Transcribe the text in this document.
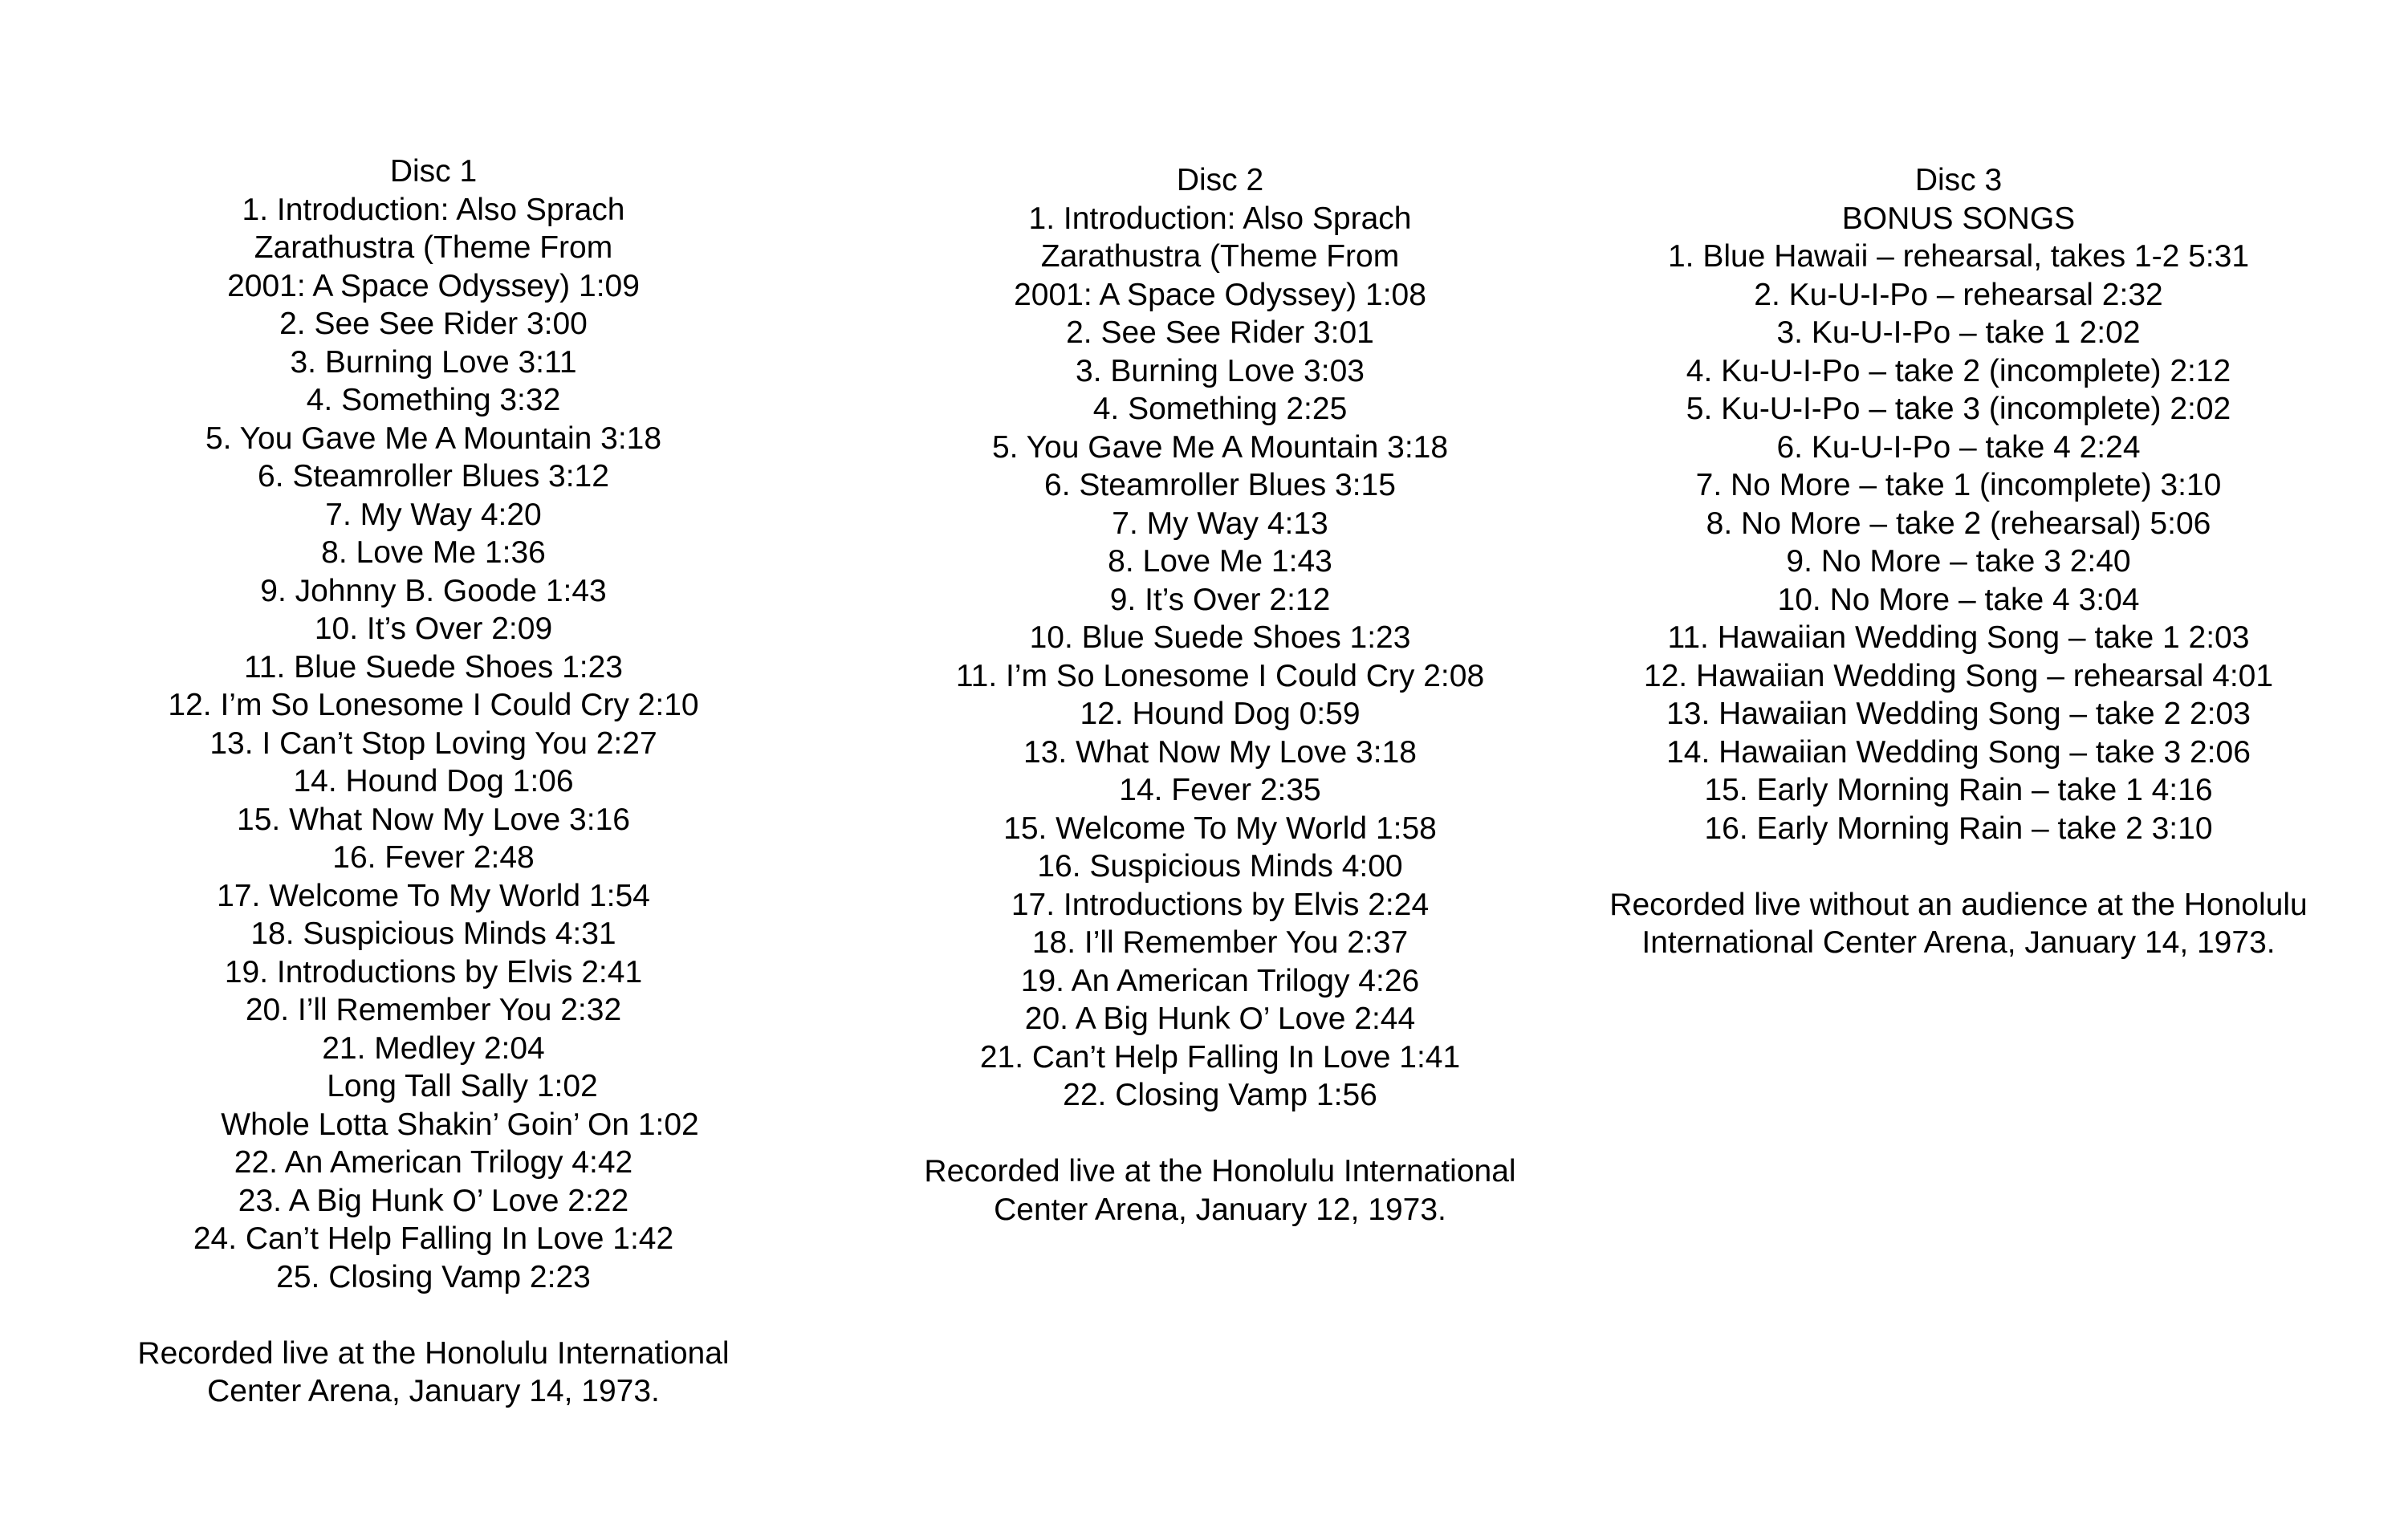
Disc 1
1. Introduction: Also Sprach
Zarathustra (Theme From
2001: A Space Odyssey) 1:09
2. See See Rider 3:00
3. Burning Love 3:11
4. Something 3:32
5. You Gave Me A Mountain 3:18
6. Steamroller Blues 3:12
7. My Way 4:20
8. Love Me 1:36
9. Johnny B. Goode 1:43
10. It’s Over 2:09
11. Blue Suede Shoes 1:23
12. I’m So Lonesome I Could Cry 2:10
13. I Can’t Stop Loving You 2:27
14. Hound Dog 1:06
15. What Now My Love 3:16
16. Fever 2:48
17. Welcome To My World 1:54
18. Suspicious Minds 4:31
19. Introductions by Elvis 2:41
20. I’ll Remember You 2:32
21. Medley 2:04
Long Tall Sally 1:02
Whole Lotta Shakin’ Goin’ On 1:02
22. An American Trilogy 4:42
23. A Big Hunk O’ Love 2:22
24. Can’t Help Falling In Love 1:42
25. Closing Vamp 2:23
Recorded live at the Honolulu International
Center Arena, January 14, 1973.
Disc 2
1. Introduction: Also Sprach
Zarathustra (Theme From
2001: A Space Odyssey) 1:08
2. See See Rider 3:01
3. Burning Love 3:03
4. Something 2:25
5. You Gave Me A Mountain 3:18
6. Steamroller Blues 3:15
7. My Way 4:13
8. Love Me 1:43
9. It’s Over 2:12
10. Blue Suede Shoes 1:23
11. I’m So Lonesome I Could Cry 2:08
12. Hound Dog 0:59
13. What Now My Love 3:18
14. Fever 2:35
15. Welcome To My World 1:58
16. Suspicious Minds 4:00
17. Introductions by Elvis 2:24
18. I’ll Remember You 2:37
19. An American Trilogy 4:26
20. A Big Hunk O’ Love 2:44
21. Can’t Help Falling In Love 1:41
22. Closing Vamp 1:56
Recorded live at the Honolulu International
Center Arena, January 12, 1973.
Disc 3
BONUS SONGS
1. Blue Hawaii – rehearsal, takes 1-2 5:31
2. Ku-U-I-Po – rehearsal 2:32
3. Ku-U-I-Po – take 1 2:02
4. Ku-U-I-Po – take 2 (incomplete) 2:12
5. Ku-U-I-Po – take 3 (incomplete) 2:02
6. Ku-U-I-Po – take 4 2:24
7. No More – take 1 (incomplete) 3:10
8. No More – take 2 (rehearsal) 5:06
9. No More – take 3 2:40
10. No More – take 4 3:04
11. Hawaiian Wedding Song – take 1 2:03
12. Hawaiian Wedding Song – rehearsal 4:01
13. Hawaiian Wedding Song – take 2 2:03
14. Hawaiian Wedding Song – take 3 2:06
15. Early Morning Rain – take 1 4:16
16. Early Morning Rain – take 2 3:10
Recorded live without an audience at the Honolulu
International Center Arena, January 14, 1973.
